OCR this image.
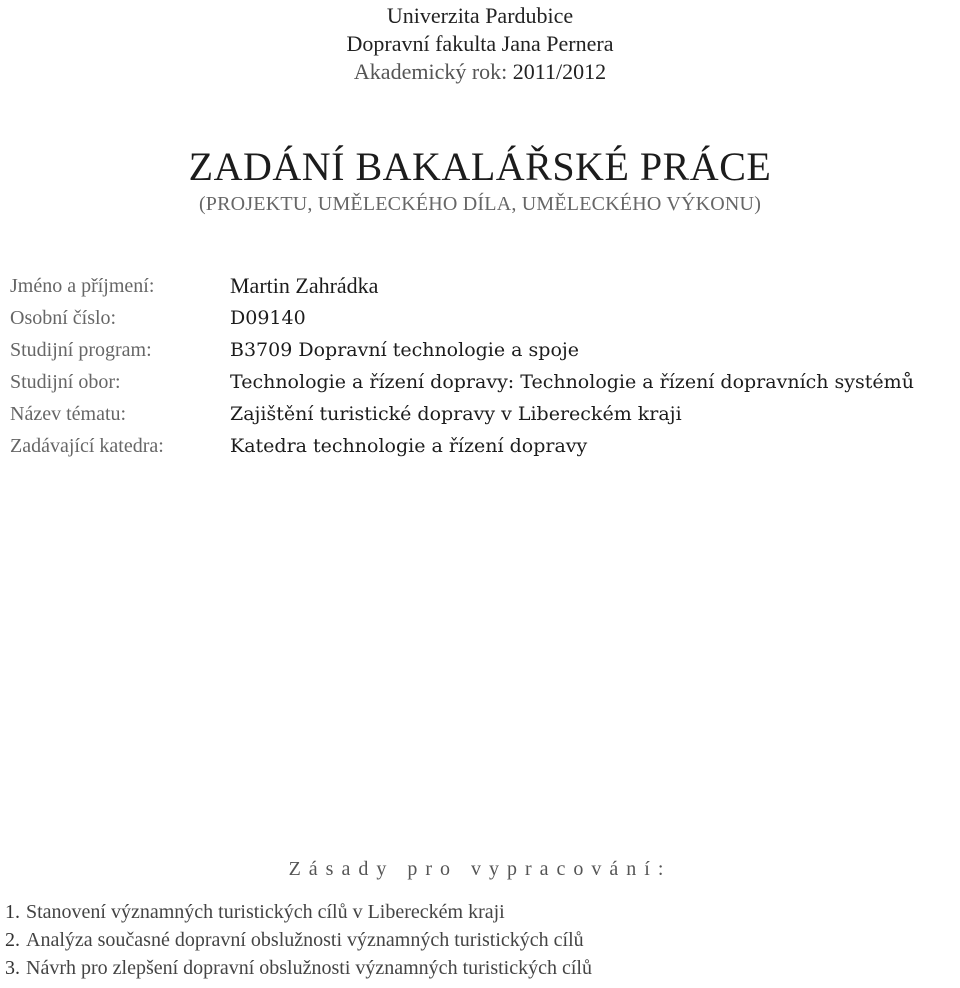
Univerzita Pardubice
Dopravní fakulta Jana Pernera
Akademický rok: 2011/2012
ZADÁNÍ BAKALÁŘSKÉ PRÁCE
(PROJEKTU, UMĚLECKÉHO DÍLA, UMĚLECKÉHO VÝKONU)
Jméno a příjmení:	Martin Zahrádka
Osobní číslo:	D09140
Studijní program:	B3709 Dopravní technologie a spoje
Studijní obor:	Technologie a řízení dopravy: Technologie a řízení dopravních systémů
Název tématu:	Zajištění turistické dopravy v Libereckém kraji
Zadávající katedra:	Katedra technologie a řízení dopravy
Zásady pro vypracování:
1. Stanovení významných turistických cílů v Libereckém kraji
2. Analýza současné dopravní obslužnosti významných turistických cílů
3. Návrh pro zlepšení dopravní obslužnosti významných turistických cílů
